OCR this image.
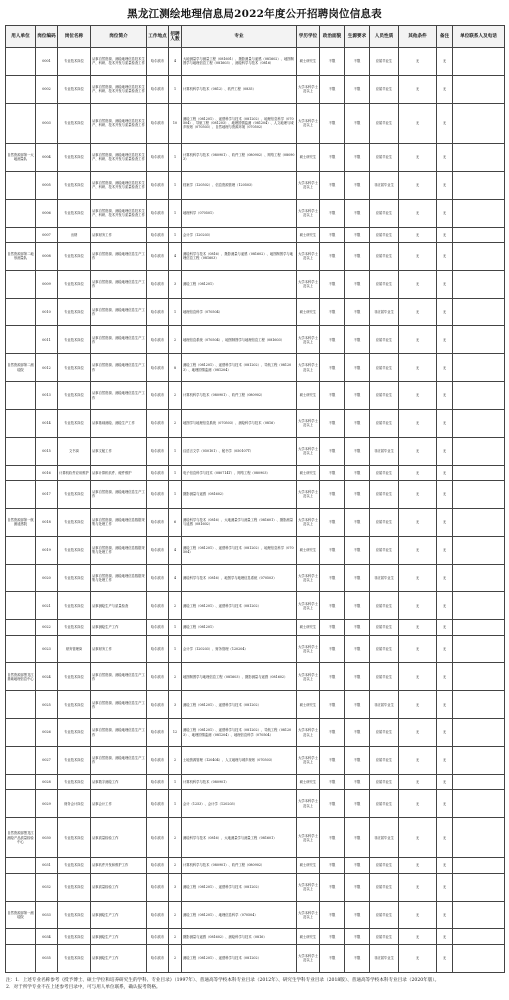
黑龙江测绘地理信息局2022年度公开招聘岗位信息表
用人单位	岗位编码	岗位名称	岗位简介	工作地点	招聘人数	专业	学历学位	政治面貌	生源要求	人员性质	其他条件	备注	单位联系人及电话
	0001	专业技术岗位	从事自然资源、测绘地理信息技术生产、科研、技术开发与质量检查工作	哈尔滨市	4	大地测量学与测量工程（081601）、摄影测量与遥感（081602）、地图制图学与地理信息工程（081603）、测绘科学与技术（0816）	硕士研究生	不限	不限	应届毕业生	无	无	
	0002	专业技术岗位	从事自然资源、测绘地理信息技术生产、科研、技术开发与质量检查工作	哈尔滨市	1	计算机科学与技术（0812）、软件工程（0835）	大学本科学士及以上	不限	不限	应届毕业生	无	无	
	0003	专业技术岗位	从事自然资源、测绘地理信息技术生产、科研、技术开发与质量检查工作	哈尔滨市	10	测绘工程（081201）、遥感科学与技术（081202）、地理信息科学（070504）、导航工程（081203）、地理国情监测（081204）、人文地理与城乡规划（070503）、自然地理与资源环境（070502）	大学本科学士及以上	不限	不限	应届毕业生	无	无	
自然资源部第一大地测量队	0004	专业技术岗位	从事自然资源、测绘地理信息技术生产、科研、技术开发与质量检查工作	哈尔滨市	1	计算机科学与技术（080901）、软件工程（080902）、网络工程（080903）	硕士研究生	不限	不限	应届毕业生	无	无	
	0005	专业技术岗位	从事自然资源、测绘地理信息技术生产、科研、技术开发与质量检查工作	哈尔滨市	1	档案学（120502）、信息资源管理（120503）	大学本科学士及以上	不限	不限	非应届毕业生	无	无	
	0006	专业技术岗位	从事自然资源、测绘地理信息技术生产、科研、技术开发与质量检查工作	哈尔滨市	1	地理科学（070501）	大学本科学士及以上	不限	不限	应届毕业生	无	无	
	0007	出纳	从事财务工作	哈尔滨市	1	会计学（120203）	硕士研究生	不限	不限	应届毕业生	无	无	
自然资源部第二地形测量队	0008	专业技术岗位	从事自然资源、测绘地理信息生产工作	哈尔滨市	4	测绘科学与技术（0816）、摄影测量与遥感（081602）、地图制图学与地理信息工程（081603）	大学本科学士及以上	不限	不限	应届毕业生	无	无	
	0009	专业技术岗位	从事自然资源、测绘地理信息生产工作	哈尔滨市	3	测绘工程（081201）	大学本科学士及以上	不限	不限	应届毕业生	无	无	
	0010	专业技术岗位	从事自然资源、测绘地理信息生产工作	哈尔滨市	1	地理信息科学（070504）	硕士研究生	不限	不限	非应届毕业生	无	无	
	0011	专业技术岗位	从事自然资源、测绘地理信息生产工作	哈尔滨市	2	地理信息系统（070504）、地图制图学与地理信息工程（081603）	大学本科学士及以上	不限	不限	应届毕业生	无	无	
自然资源部第二测绘院	0012	专业技术岗位	从事自然资源、测绘地理信息生产工作	哈尔滨市	8	测绘工程（081201）、遥感科学与技术（081202）、导航工程（081203）、地理国情监测（081204）	大学本科学士及以上	不限	不限	应届毕业生	无	无	
	0013	专业技术岗位	从事自然资源、测绘地理信息生产工作	哈尔滨市	2	计算机科学与技术（080901）、软件工程（080902）	硕士研究生	不限	不限	应届毕业生	无	无	
	0014	专业技术岗位	从事基础测绘、测绘生产工作	哈尔滨市	2	地图学与地理信息系统（070503）、测绘科学与技术（0816）	大学本科学士及以上	不限	不限	应届毕业生	无	无	
	0015	文书岗	从事文秘工作	哈尔滨市	1	汉语言文学（050101）、秘书学（050107T）	大学本科学士及以上	不限	不限	非应届毕业生	无	无	
	0016	计算机软件应用维护	从事计算机软件、硬件维护	哈尔滨市	1	电子信息科学与技术（080714T）、网络工程（080903）	硕士研究生	不限	不限	应届毕业生	无	无	
	0017	专业技术岗位	从事自然资源、测绘地理信息生产工作	哈尔滨市	1	摄影测量与遥感（081602）	大学本科学士及以上	不限	不限	应届毕业生	无	无	
自然资源部第一航测遥感院	0018	专业技术岗位	从事自然资源、测绘地理信息数据采集与处理工作	哈尔滨市	6	测绘科学与技术（0816）、大地测量学与测量工程（081601）、摄影测量与遥感（081602）	大学本科学士及以上	不限	不限	应届毕业生	无	无	
	0019	专业技术岗位	从事自然资源、测绘地理信息数据采集与处理工作	哈尔滨市	4	测绘工程（081201）、遥感科学与技术（081202）、地理信息科学（070504）	硕士研究生	不限	不限	应届毕业生	无	无	
	0020	专业技术岗位	从事自然资源、测绘地理信息数据采集与处理工作	哈尔滨市	4	测绘科学与技术（0816）、地图学与地理信息系统（070503）	大学本科学士及以上	不限	不限	非应届毕业生	无	无	
	0021	专业技术岗位	从事测绘生产与质量检查	哈尔滨市	2	测绘工程（081201）、遥感科学与技术（081202）	大学本科学士及以上	不限	不限	应届毕业生	无	无	
	0022	专业技术岗位	从事测绘生产工作	哈尔滨市	1	测绘工程（081201）	硕士研究生	不限	不限	应届毕业生	无	无	
	0023	财务管理岗	从事财务工作	哈尔滨市	1	会计学（120203）、财务管理（120204）	大学本科学士及以上	不限	不限	应届毕业生	无	无	
自然资源部黑龙江基础地理信息中心	0024	专业技术岗位	从事自然资源、测绘地理信息生产工作	哈尔滨市	2	地图制图学与地理信息工程（081603）、摄影测量与遥感（081602）	大学本科学士及以上	不限	不限	应届毕业生	无	无	
	0025	专业技术岗位	从事自然资源、测绘地理信息生产工作	哈尔滨市	3	测绘工程（081201）、遥感科学与技术（081202）	硕士研究生	不限	不限	非应届毕业生	无	无	
	0026	专业技术岗位	从事自然资源、测绘地理信息生产工作	哈尔滨市	12	测绘工程（081201）、遥感科学与技术（081202）、导航工程（081203）、地理国情监测（081204）、地理信息科学（070504）	大学本科学士及以上	不限	不限	应届毕业生	无	无	
	0027	专业技术岗位	从事自然资源、测绘地理信息生产工作	哈尔滨市	2	土地资源管理（120404）、人文地理与城乡规划（070503）	大学本科学士及以上	不限	不限	应届毕业生	无	无	
	0028	专业技术岗位	从事数字测绘工作	哈尔滨市	1	计算机科学与技术（080901）	硕士研究生	不限	不限	应届毕业生	无	无	
	0029	财务会计岗位	从事会计工作	哈尔滨市	1	会计（1253）、会计学（120203）	大学本科学士及以上	不限	不限	应届毕业生	无	无	
自然资源部黑龙江测绘产品质量检验中心	0030	专业技术岗位	从事质量检验工作	哈尔滨市	2	测绘科学与技术（0816）、大地测量学与测量工程（081601）	大学本科学士及以上	不限	不限	非应届毕业生	无	无	
	0031	专业技术岗位	从事软件开发和维护工作	哈尔滨市	2	计算机科学与技术（080901）、软件工程（080902）	硕士研究生	不限	不限	应届毕业生	无	无	
	0032	专业技术岗位	从事质量检验工作	哈尔滨市	3	测绘工程（081201）、遥感科学与技术（081202）	大学本科学士及以上	不限	不限	应届毕业生	无	无	
自然资源部第一测绘院	0033	专业技术岗位	从事测绘生产工作	哈尔滨市	2	测绘工程（081201）、地理信息科学（070504）	大学本科学士及以上	不限	不限	应届毕业生	无	无	
	0034	专业技术岗位	从事测绘生产工作	哈尔滨市	2	摄影测量与遥感（081602）、测绘科学与技术（0816）	硕士研究生	不限	不限	应届毕业生	无	无	
	0035	专业技术岗位	从事测绘生产工作	哈尔滨市	2	测绘工程（081201）、遥感科学与技术（081202）	大学本科学士及以上	不限	不限	非应届毕业生	无	无	
注：1．上述专业名称参考《授予博士、硕士学位和培养研究生的学科、专业目录》（1997年）、普通高等学校本科专业目录（2012年）、研究生学科专业目录（2018版）、普通高等学校本科专业目录（2020年版）。
2．对于所学专业不在上述参考目录中，可与用人单位联系，确认报考资格。
